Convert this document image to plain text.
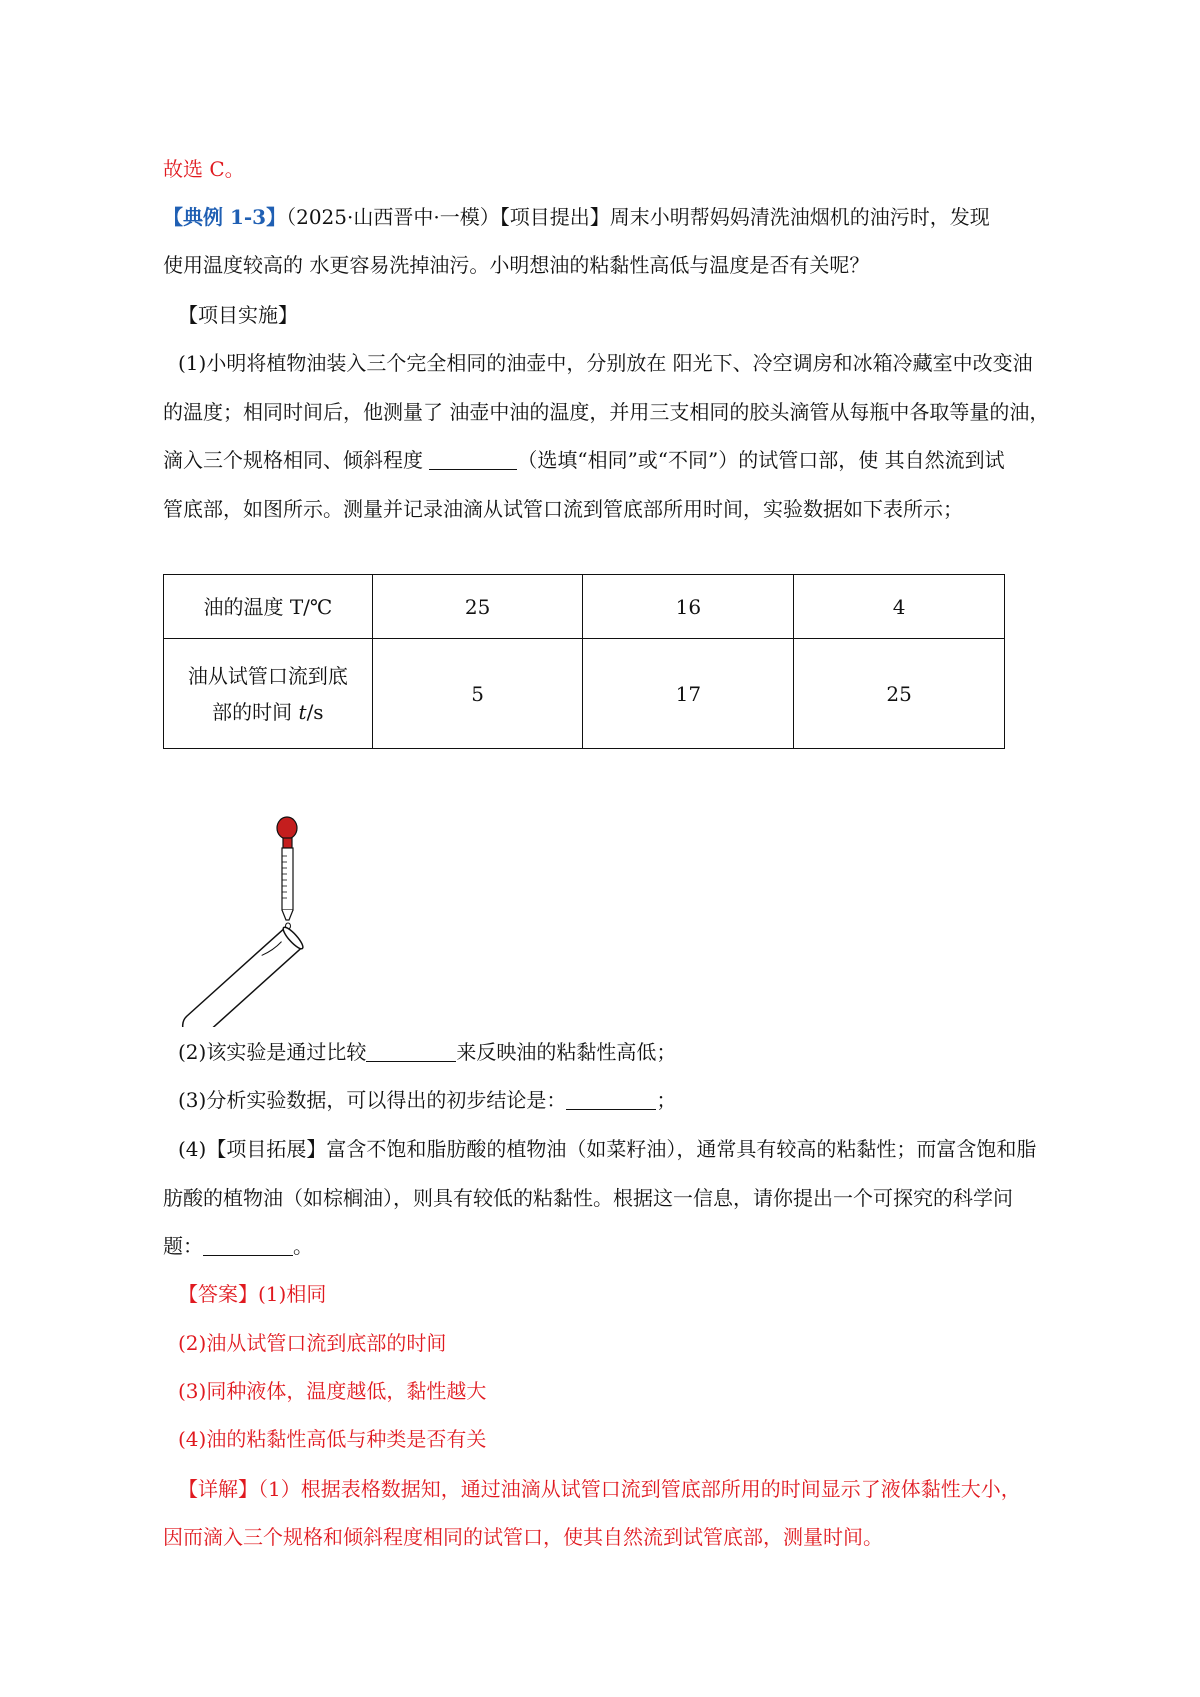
故选 C。
【典例 1-3】（2025·山西晋中·一模）【项目提出】周末小明帮妈妈清洗油烟机的油污时，发现
使用温度较高的 水更容易洗掉油污。小明想油的粘黏性高低与温度是否有关呢？
【项目实施】
(1)小明将植物油装入三个完全相同的油壶中，分别放在 阳光下、冷空调房和冰箱冷藏室中改变油
的温度；相同时间后，他测量了 油壶中油的温度，并用三支相同的胶头滴管从每瓶中各取等量的油，
滴入三个规格相同、倾斜程度	（选填“相同”或“不同”）的试管口部，使 其自然流到试
管底部，如图所示。测量并记录油滴从试管口流到管底部所用时间，实验数据如下表所示；
油的温度 T/℃	25	16	4

油从试管口流到底
部的时间 t/s	5	17	25
(2)该实验是通过比较	来反映油的粘黏性高低；
(3)分析实验数据，可以得出的初步结论是：	；
(4)【项目拓展】富含不饱和脂肪酸的植物油（如菜籽油），通常具有较高的粘黏性；而富含饱和脂
肪酸的植物油（如棕榈油），则具有较低的粘黏性。根据这一信息，请你提出一个可探究的科学问
题：	。
【答案】(1)相同
(2)油从试管口流到底部的时间
(3)同种液体，温度越低，黏性越大
(4)油的粘黏性高低与种类是否有关
【详解】（1）根据表格数据知，通过油滴从试管口流到管底部所用的时间显示了液体黏性大小，
因而滴入三个规格和倾斜程度相同的试管口，使其自然流到试管底部，测量时间。
